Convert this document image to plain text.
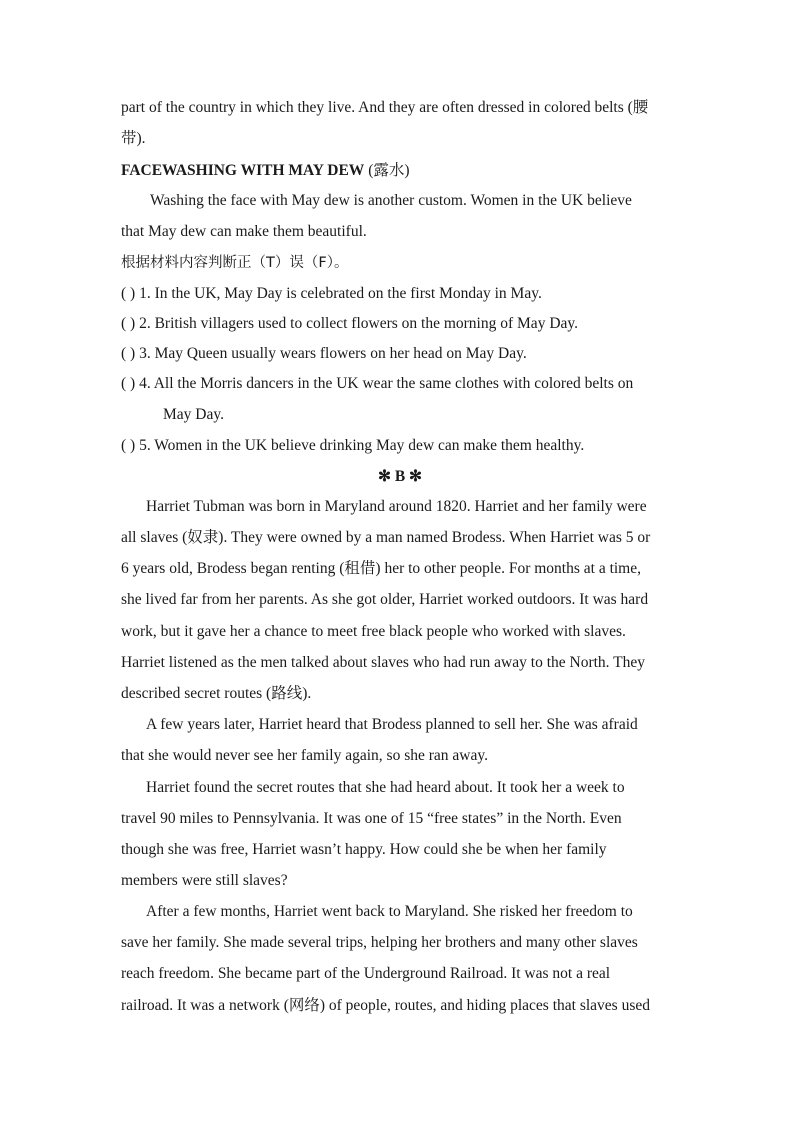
part of the country in which they live. And they are often dressed in colored belts (腰
带).
FACEWASHING WITH MAY DEW (露水)
Washing the face with May dew is another custom. Women in the UK believe
that May dew can make them beautiful.
根据材料内容判断正（T）误（F）。
( ) 1. In the UK, May Day is celebrated on the first Monday in May.
( ) 2. British villagers used to collect flowers on the morning of May Day.
( ) 3. May Queen usually wears flowers on her head on May Day.
( ) 4. All the Morris dancers in the UK wear the same clothes with colored belts on
May Day.
( ) 5. Women in the UK believe drinking May dew can make them healthy.
✻ B ✻
Harriet Tubman was born in Maryland around 1820. Harriet and her family were
all slaves (奴隶). They were owned by a man named Brodess. When Harriet was 5 or
6 years old, Brodess began renting (租借) her to other people. For months at a time,
she lived far from her parents. As she got older, Harriet worked outdoors. It was hard
work, but it gave her a chance to meet free black people who worked with slaves.
Harriet listened as the men talked about slaves who had run away to the North. They
described secret routes (路线).
A few years later, Harriet heard that Brodess planned to sell her. She was afraid
that she would never see her family again, so she ran away.
Harriet found the secret routes that she had heard about. It took her a week to
travel 90 miles to Pennsylvania. It was one of 15 “free states” in the North. Even
though she was free, Harriet wasn’t happy. How could she be when her family
members were still slaves?
After a few months, Harriet went back to Maryland. She risked her freedom to
save her family. She made several trips, helping her brothers and many other slaves
reach freedom. She became part of the Underground Railroad. It was not a real
railroad. It was a network (网络) of people, routes, and hiding places that slaves used
